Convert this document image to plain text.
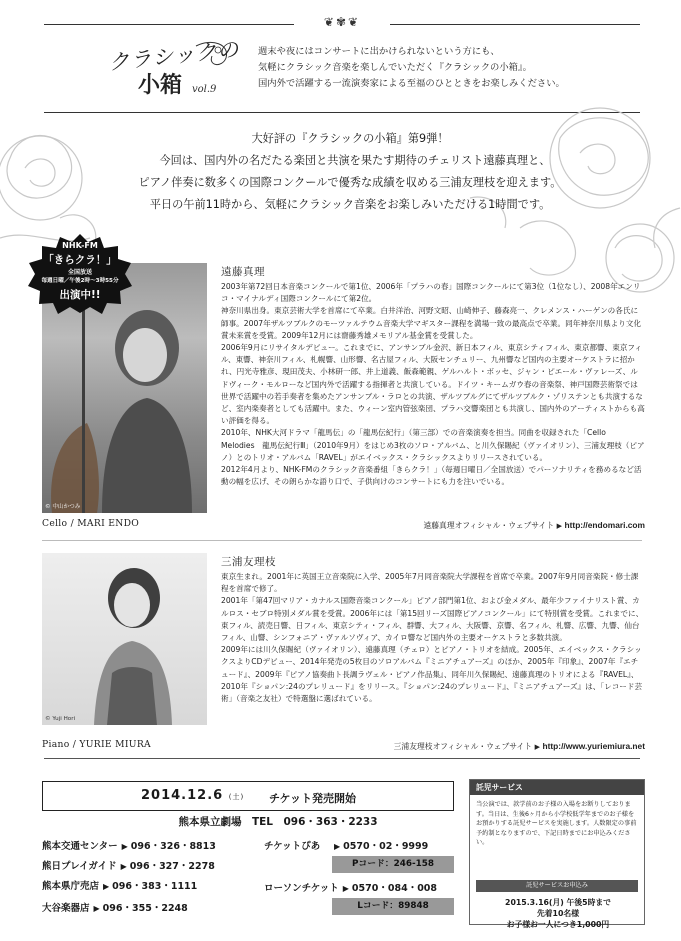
❦✾❦
クラシックの
小箱 vol.9
週末や夜にはコンサートに出かけられないという方にも、
気軽にクラシック音楽を楽しんでいただく『クラシックの小箱』。
国内外で活躍する一流演奏家による至福のひとときをお楽しみください。
大好評の『クラシックの小箱』第9弾！
今回は、国内外の名だたる楽団と共演を果たす期待のチェリスト遠藤真理と、
ピアノ伴奏に数多くの国際コンクールで優秀な成績を収める三浦友理枝を迎えます。
平日の午前11時から、気軽にクラシック音楽をお楽しみいただける1時間です。
© 中山かつみ
NHK-FM
「きらクラ！」
全国放送
毎週日曜／午後2時〜3時55分
出演中!!
Cello / MARI ENDO
遠藤真理

2003年第72回日本音楽コンクールで第1位、2006年「プラハの春」国際コンクールにて第3位（1位なし）、2008年エンリコ・マイナルディ国際コンクールにて第2位。

神奈川県出身。東京芸術大学を首席にて卒業。白井洋治、河野文昭、山崎伸子、藤森亮一、クレメンス・ハーゲンの各氏に師事。2007年ザルツブルクのモーツァルテウム音楽大学マギスター課程を満場一致の最高点で卒業。同年神奈川県より文化賞未来賞を受賞。2009年12月には齋藤秀雄メモリアル基金賞を受賞した。

2006年9月にリサイタルデビュー。これまでに、アンサンブル金沢、新日本フィル、東京シティフィル、東京都響、東京フィル、東響、神奈川フィル、札幌響、山形響、名古屋フィル、大阪センチュリー、九州響など国内の主要オーケストラに招かれ、円光寺雅彦、現田茂夫、小林研一郎、井上道義、飯森範親、ゲルハルト・ボッセ、ジャン・ピエール・ヴァレーズ、ルドヴィーク・モルローなど国内外で活躍する指揮者と共演している。ドイツ・キームガウ春の音楽祭、神戸国際芸術祭では世界で活躍中の若手奏者を集めたアンサンブル・ラロとの共演、ザルツブルグにてザルツブルク・ゾリステンとも共演するなど、室内楽奏者としても活躍中。また、ウィーン室内管弦楽団、プラハ交響楽団とも共演し、国内外のアーティストからも高い評価を得る。

2010年、NHK大河ドラマ「龍馬伝」の「龍馬伝紀行」（第三部）での音楽演奏を担当。同曲を収録された「Cello　Melodies　龍馬伝紀行Ⅲ」（2010年9月）をはじめ3枚のソロ・アルバム、と川久保賜紀（ヴァイオリン）、三浦友理枝（ピアノ）とのトリオ・アルバム「RAVEL」がエイベックス・クラシックスよりリリースされている。

2012年4月より、NHK-FMのクラシック音楽番組「きらクラ！」（毎週日曜日／全国放送）でパーソナリティを務めるなど活動の幅を広げ、その朗らかな語り口で、子供向けのコンサートにも力を注いでいる。

遠藤真理オフィシャル・ウェブサイト ▶ http://endomari.com
© Yuji Hori
Piano / YURIE MIURA
三浦友理枝

東京生まれ。2001年に英国王立音楽院に入学、2005年7月同音楽院大学課程を首席で卒業。2007年9月同音楽院・修士課程を首席で修了。

2001年「第47回マリア・カナルス国際音楽コンクール」ピアノ部門第1位、および金メダル、最年少ファイナリスト賞、カルロス・セブロ特別メダル賞を受賞。2006年には「第15回リーズ国際ピアノコンクール」にて特別賞を受賞。これまでに、東フィル、読売日響、日フィル、東京シティ・フィル、群響、大フィル、大阪響、京響、名フィル、札響、広響、九響、仙台フィル、山響、シンフォニア・ヴァルソヴィア、カイロ響など国内外の主要オーケストラと多数共演。

2009年には川久保賜紀（ヴァイオリン）、遠藤真理（チェロ）とピアノ・トリオを結成。2005年、エイベックス・クラシックスよりCDデビュー、2014年発売の5枚目のソロアルバム『ミニアチュアーズ』のほか、2005年『印象』、2007年『エチュード』、2009年『ピアノ協奏曲ト長調ラヴェル・ピアノ作品集』、同年川久保賜紀、遠藤真理のトリオによる『RAVEL』、2010年『ショパン:24のプレリュード』をリリース。『ショパン:24のプレリュード』、『ミニアチュアーズ』は、「レコード芸術」（音楽之友社）で特選盤に選ばれている。

三浦友理枝オフィシャル・ウェブサイト ▶ http://www.yuriemiura.net
2014.12.6 (土) チケット発売開始
熊本県立劇場　TEL　096・363・2233
熊本交通センター ▶ 096・326・8813
熊日プレイガイド ▶ 096・327・2278
熊本県庁売店 ▶ 096・383・1111
大谷楽器店 ▶ 096・355・2248
チケットぴあ	▶ 0570・02・9999
Pコード：246-158
ローソンチケット ▶ 0570・084・008
Lコード：89848
託児サービス
当公演では、款学前のお子様の入場をお断りしております。当日は、生後6ヶ月から小学校低学年までのお子様をお預かりする託児サービスを実施します。人数限定の事前予約制となりますので、下記日時までにお申込みください。
託児サービスお申込み
2015.3.16(月) 午後5時まで
先着10名様
お子様お一人につき1,000円
